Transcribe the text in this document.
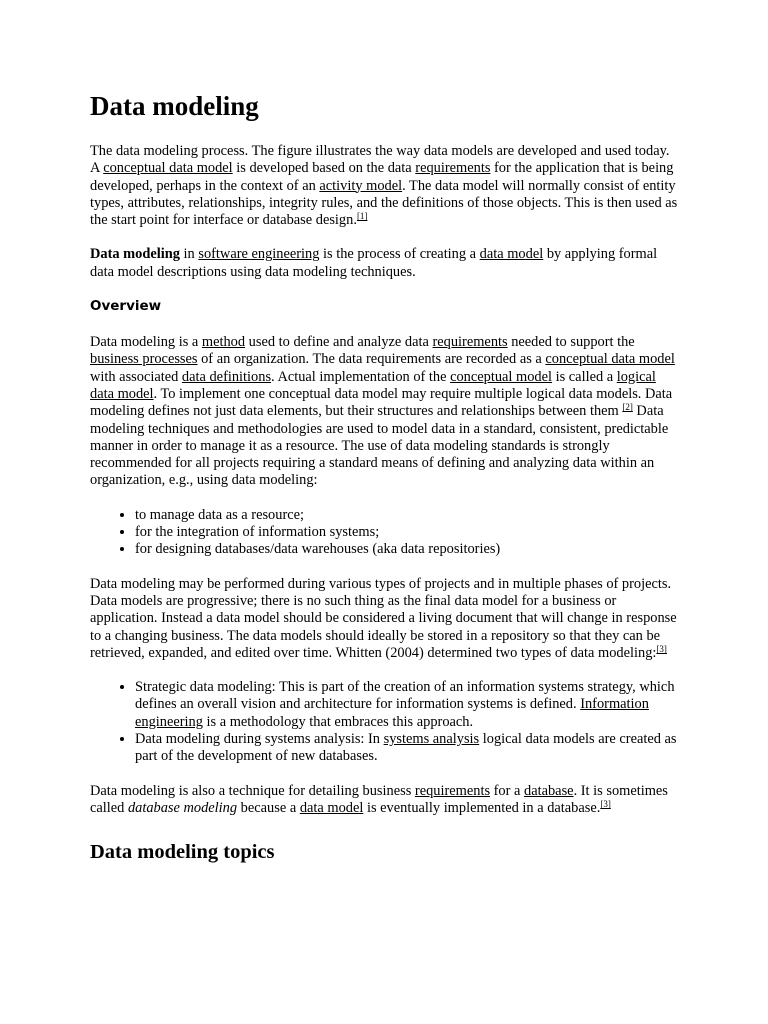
Data modeling

The data modeling process. The figure illustrates the way data models are developed and used today. A conceptual data model is developed based on the data requirements for the application that is being developed, perhaps in the context of an activity model. The data model will normally consist of entity types, attributes, relationships, integrity rules, and the definitions of those objects. This is then used as the start point for interface or database design.[1]

Data modeling in software engineering is the process of creating a data model by applying formal data model descriptions using data modeling techniques.

Overview

Data modeling is a method used to define and analyze data requirements needed to support the business processes of an organization. The data requirements are recorded as a conceptual data model with associated data definitions. Actual implementation of the conceptual model is called a logical data model. To implement one conceptual data model may require multiple logical data models. Data modeling defines not just data elements, but their structures and relationships between them [2] Data modeling techniques and methodologies are used to model data in a standard, consistent, predictable manner in order to manage it as a resource. The use of data modeling standards is strongly recommended for all projects requiring a standard means of defining and analyzing data within an organization, e.g., using data modeling:

• to manage data as a resource;
• for the integration of information systems;
• for designing databases/data warehouses (aka data repositories)

Data modeling may be performed during various types of projects and in multiple phases of projects. Data models are progressive; there is no such thing as the final data model for a business or application. Instead a data model should be considered a living document that will change in response to a changing business. The data models should ideally be stored in a repository so that they can be retrieved, expanded, and edited over time. Whitten (2004) determined two types of data modeling:[3]

• Strategic data modeling: This is part of the creation of an information systems strategy, which defines an overall vision and architecture for information systems is defined. Information engineering is a methodology that embraces this approach.
• Data modeling during systems analysis: In systems analysis logical data models are created as part of the development of new databases.

Data modeling is also a technique for detailing business requirements for a database. It is sometimes called database modeling because a data model is eventually implemented in a database.[3]

Data modeling topics
